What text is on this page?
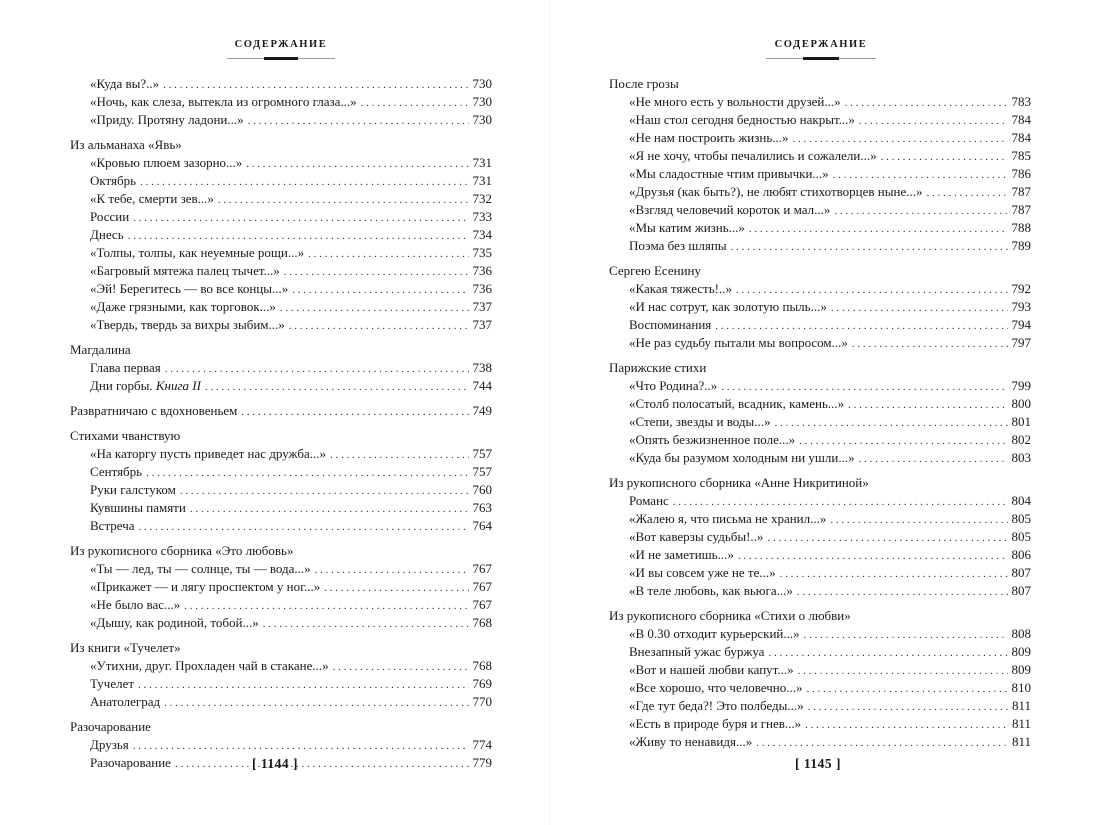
СОДЕРЖАНИЕ
«Куда вы?..» . . .	730
«Ночь, как слеза, вытекла из огромного глаза...» . . .	730
«Приду. Протяну ладони...» . . .	730
Из альманаха «Явь»
«Кровью плюем зазорно...» . . .	731
Октябрь . . .	731
«К тебе, смерти зев...» . . .	732
России . . .	733
Днесь . . .	734
«Толпы, толпы, как неуемные рощи...» . . .	735
«Багровый мятежа палец тычет...» . . .	736
«Эй! Берегитесь — во все концы...» . . .	736
«Даже грязными, как торговок...» . . .	737
«Твердь, твердь за вихры зыбим...» . . .	737
Магдалина
Глава первая . . .	738
Дни горбы. Книга II . . .	744
Развратничаю с вдохновеньем . . .	749
Стихами чванствую
«На каторгу пусть приведет нас дружба...» . . .	757
Сентябрь . . .	757
Руки галстуком . . .	760
Кувшины памяти . . .	763
Встреча . . .	764
Из рукописного сборника «Это любовь»
«Ты — лед, ты — солнце, ты — вода...» . . .	767
«Прикажет — и лягу проспектом у ног...» . . .	767
«Не было вас...» . . .	767
«Дышу, как родиной, тобой...» . . .	768
Из книги «Тучелет»
«Утихни, друг. Прохладен чай в стакане...» . . .	768
Тучелет . . .	769
Анатолеград . . .	770
Разочарование
Друзья . . .	774
Разочарование . . .	779
[ 1144 ]
СОДЕРЖАНИЕ
После грозы
«Не много есть у вольности друзей...» . . .	783
«Наш стол сегодня бедностью накрыт...» . . .	784
«Не нам построить жизнь...» . . .	784
«Я не хочу, чтобы печалились и сожалели...» . . .	785
«Мы сладостные чтим привычки...» . . .	786
«Друзья (как быть?), не любят стихотворцев ныне...» . . .	787
«Взгляд человечий короток и мал...» . . .	787
«Мы катим жизнь...» . . .	788
Поэма без шляпы . . .	789
Сергею Есенину
«Какая тяжесть!..» . . .	792
«И нас сотрут, как золотую пыль...» . . .	793
Воспоминания . . .	794
«Не раз судьбу пытали мы вопросом...» . . .	797
Парижские стихи
«Что Родина?..» . . .	799
«Столб полосатый, всадник, камень...» . . .	800
«Степи, звезды и воды...» . . .	801
«Опять безжизненное поле...» . . .	802
«Куда бы разумом холодным ни ушли...» . . .	803
Из рукописного сборника «Анне Никритиной»
Романс . . .	804
«Жалею я, что письма не хранил...» . . .	805
«Вот каверзы судьбы!..» . . .	805
«И не заметишь...» . . .	806
«И вы совсем уже не те...» . . .	807
«В теле любовь, как вьюга...» . . .	807
Из рукописного сборника «Стихи о любви»
«В 0.30 отходит курьерский...» . . .	808
Внезапный ужас буржуа . . .	809
«Вот и нашей любви капут...» . . .	809
«Все хорошо, что человечно...» . . .	810
«Где тут беда?! Это полбеды...» . . .	811
«Есть в природе буря и гнев...» . . .	811
«Живу то ненавидя...» . . .	811
[ 1145 ]
